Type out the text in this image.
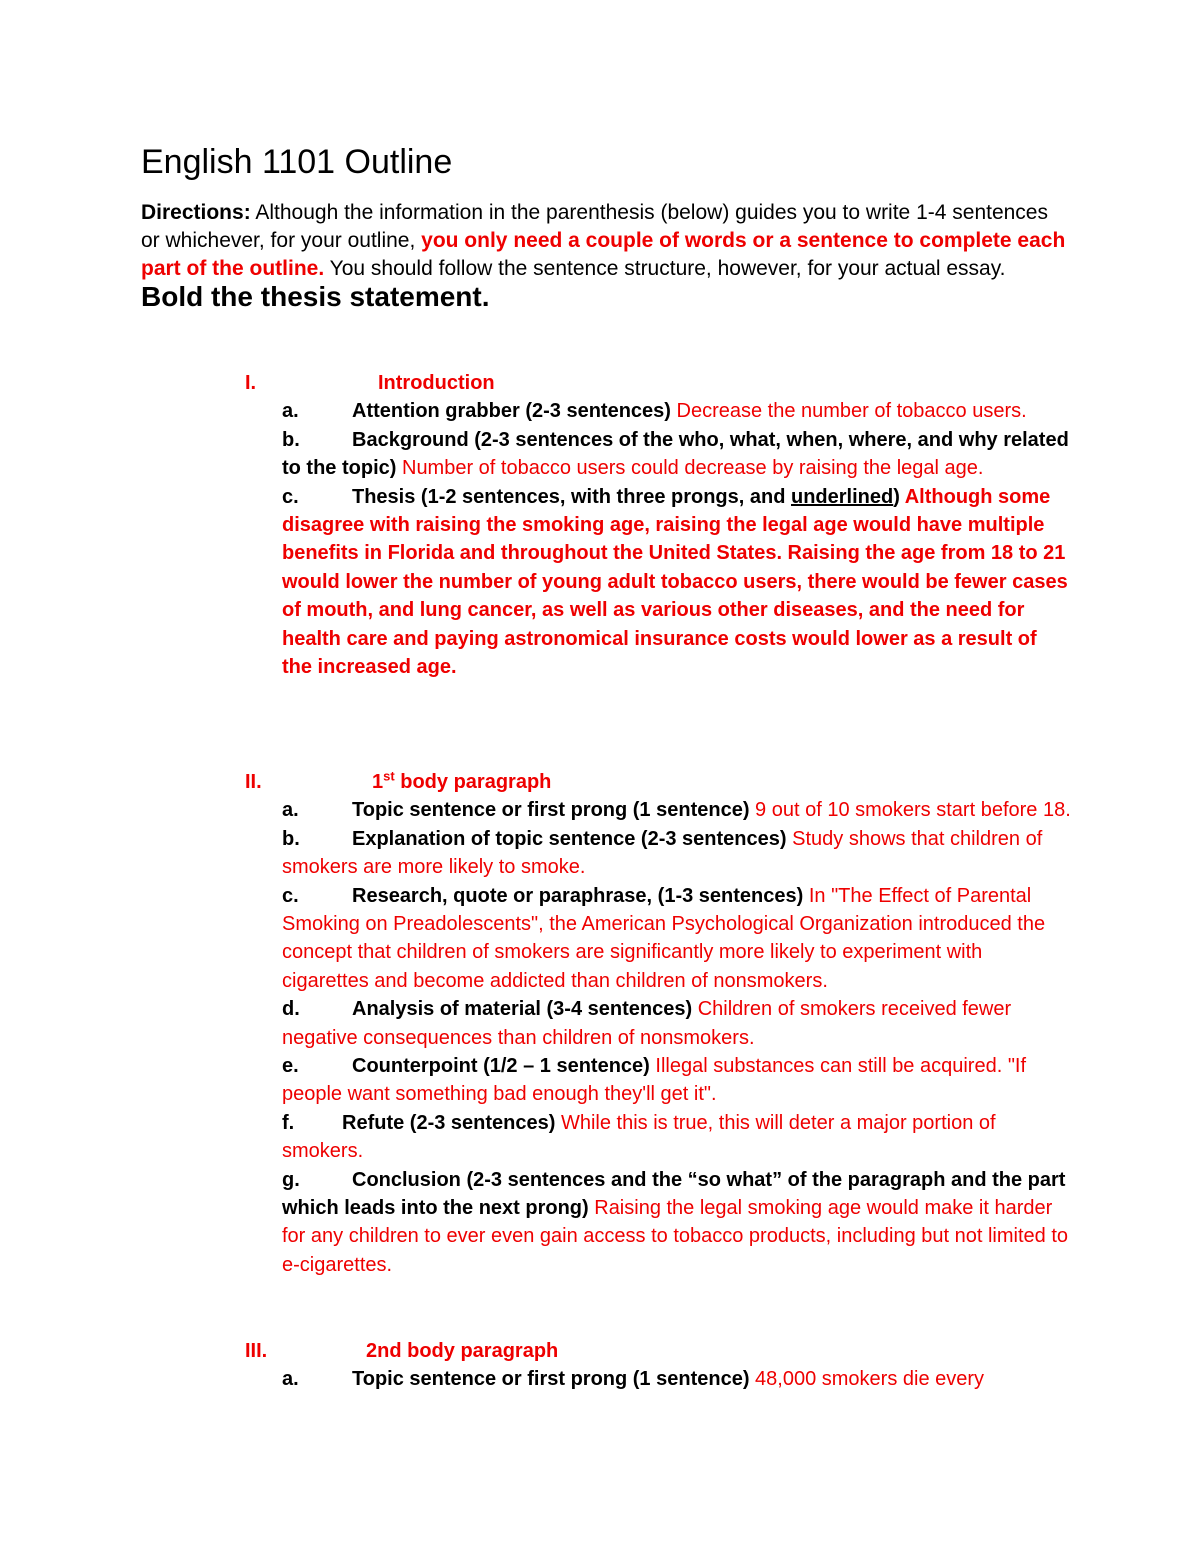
English 1101 Outline

Directions: Although the information in the parenthesis (below) guides you to write 1-4 sentences or whichever, for your outline, you only need a couple of words or a sentence to complete each part of the outline. You should follow the sentence structure, however, for your actual essay. Bold the thesis statement.

I.	Introduction
a.	Attention grabber (2-3 sentences) Decrease the number of tobacco users.
b.	Background (2-3 sentences of the who, what, when, where, and why related to the topic) Number of tobacco users could decrease by raising the legal age.
c.	Thesis (1-2 sentences, with three prongs, and underlined) Although some disagree with raising the smoking age, raising the legal age would have multiple benefits in Florida and throughout the United States. Raising the age from 18 to 21 would lower the number of young adult tobacco users, there would be fewer cases of mouth, and lung cancer, as well as various other diseases, and the need for health care and paying astronomical insurance costs would lower as a result of the increased age.
II.	1st body paragraph
a.	Topic sentence or first prong (1 sentence) 9 out of 10 smokers start before 18.
b.	Explanation of topic sentence (2-3 sentences) Study shows that children of smokers are more likely to smoke.
c.	Research, quote or paraphrase, (1-3 sentences) In "The Effect of Parental Smoking on Preadolescents", the American Psychological Organization introduced the concept that children of smokers are significantly more likely to experiment with cigarettes and become addicted than children of nonsmokers.
d.	Analysis of material (3-4 sentences) Children of smokers received fewer negative consequences than children of nonsmokers.
e.	Counterpoint (1/2 – 1 sentence) Illegal substances can still be acquired. "If people want something bad enough they'll get it".
f.	Refute (2-3 sentences) While this is true, this will deter a major portion of smokers.
g.	Conclusion (2-3 sentences and the “so what” of the paragraph and the part which leads into the next prong) Raising the legal smoking age would make it harder for any children to ever even gain access to tobacco products, including but not limited to e-cigarettes.
III.	2nd body paragraph
a.	Topic sentence or first prong (1 sentence) 48,000 smokers die every
